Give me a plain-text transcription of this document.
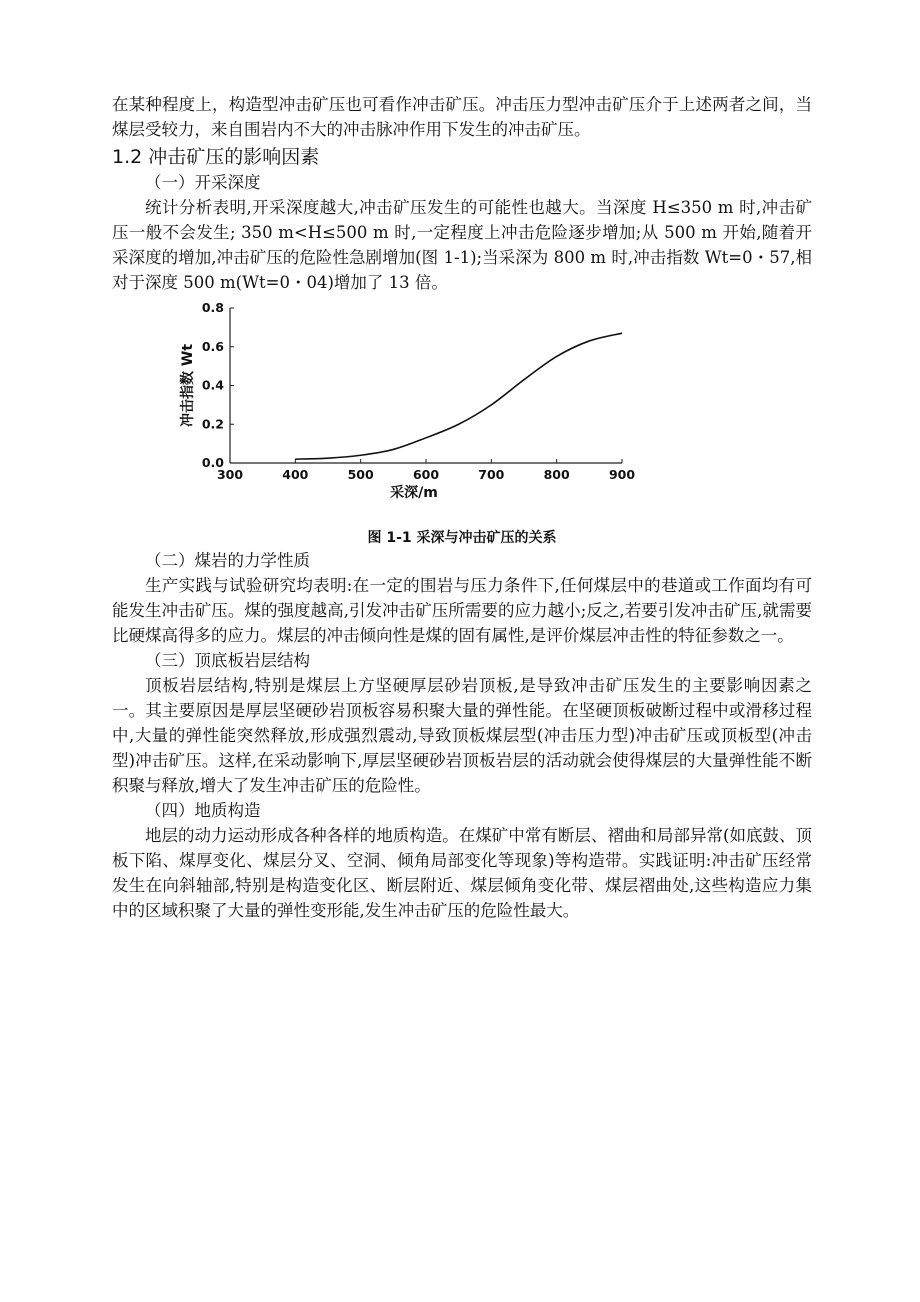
在某种程度上，构造型冲击矿压也可看作冲击矿压。冲击压力型冲击矿压介于上述两者之间，当煤层受较力，来自围岩内不大的冲击脉冲作用下发生的冲击矿压。

1.2 冲击矿压的影响因素
（一）开采深度

统计分析表明,开采深度越大,冲击矿压发生的可能性也越大。当深度 H≤350 m 时,冲击矿压一般不会发生; 350 m<H≤500 m 时,一定程度上冲击危险逐步增加;从 500 m 开始,随着开采深度的增加,冲击矿压的危险性急剧增加(图 1-1);当采深为 800 m 时,冲击指数 Wt=0・57,相对于深度 500 m(Wt=0・04)增加了 13 倍。

300	400	500	600	700	800	900
0.0
0.2
0.4
0.6
0.8
采深/m
冲击指数 Wt
图 1-1 采深与冲击矿压的关系
（二）煤岩的力学性质

生产实践与试验研究均表明:在一定的围岩与压力条件下,任何煤层中的巷道或工作面均有可能发生冲击矿压。煤的强度越高,引发冲击矿压所需要的应力越小;反之,若要引发冲击矿压,就需要比硬煤高得多的应力。煤层的冲击倾向性是煤的固有属性,是评价煤层冲击性的特征参数之一。

（三）顶底板岩层结构

顶板岩层结构,特别是煤层上方坚硬厚层砂岩顶板,是导致冲击矿压发生的主要影响因素之一。其主要原因是厚层坚硬砂岩顶板容易积聚大量的弹性能。在坚硬顶板破断过程中或滑移过程中,大量的弹性能突然释放,形成强烈震动,导致顶板煤层型(冲击压力型)冲击矿压或顶板型(冲击型)冲击矿压。这样,在采动影响下,厚层坚硬砂岩顶板岩层的活动就会使得煤层的大量弹性能不断积聚与释放,增大了发生冲击矿压的危险性。

（四）地质构造

地层的动力运动形成各种各样的地质构造。在煤矿中常有断层、褶曲和局部异常(如底鼓、顶板下陷、煤厚变化、煤层分叉、空洞、倾角局部变化等现象)等构造带。实践证明:冲击矿压经常发生在向斜轴部,特别是构造变化区、断层附近、煤层倾角变化带、煤层褶曲处,这些构造应力集中的区域积聚了大量的弹性变形能,发生冲击矿压的危险性最大。
